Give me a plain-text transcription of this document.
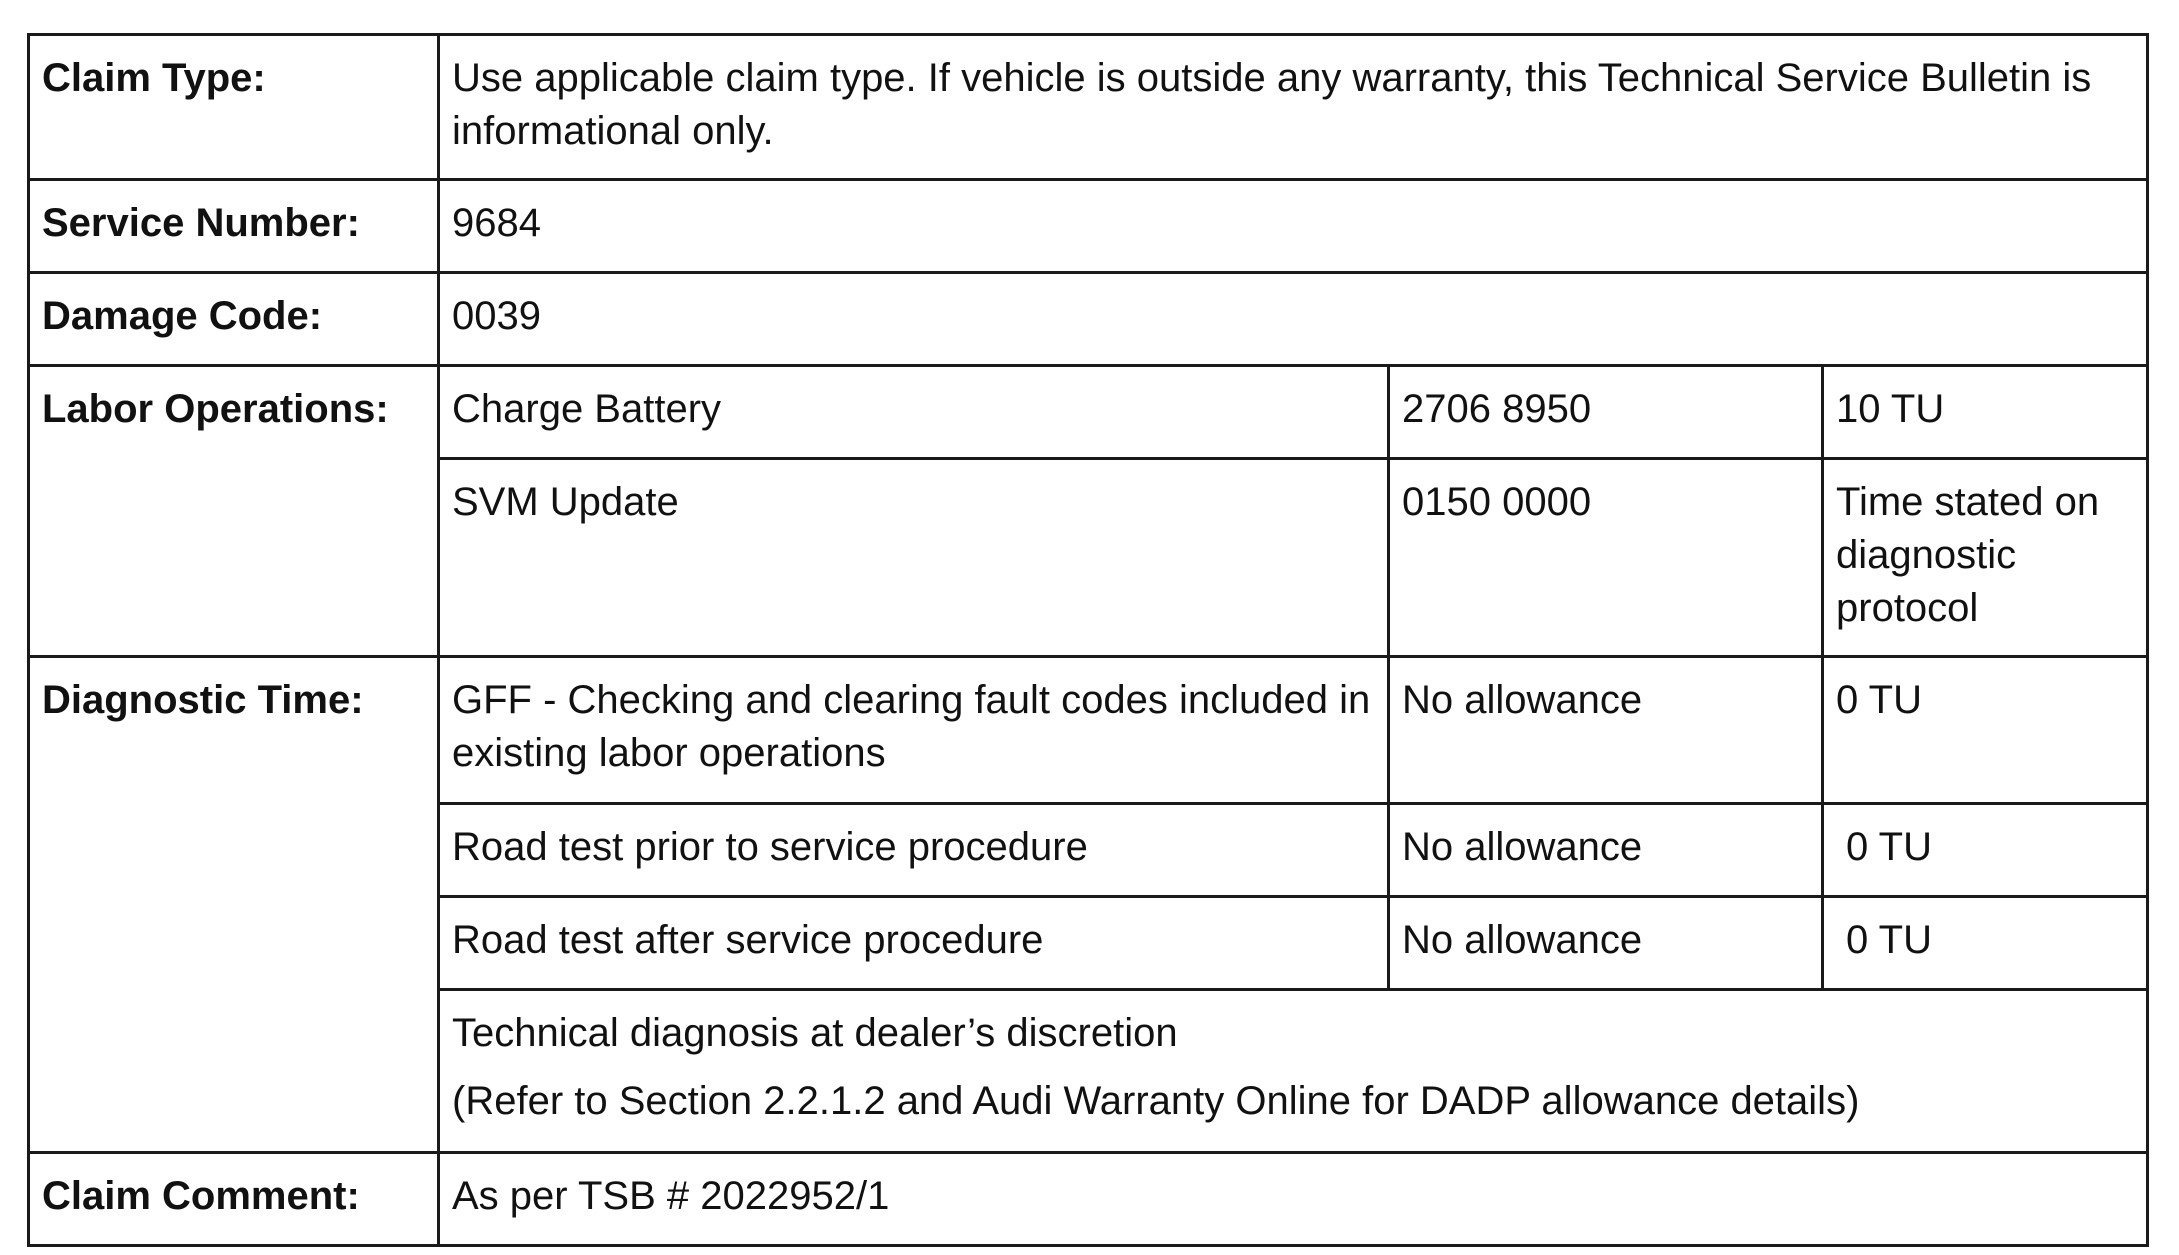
Claim Type:	Use applicable claim type. If vehicle is outside any warranty, this Technical Service Bulletin is informational only.		
Service Number:	9684		
Damage Code:	0039		
Labor Operations:	Charge Battery	2706 8950	10 TU
	SVM Update	0150 0000	Time stated on diagnostic protocol
Diagnostic Time:	GFF - Checking and clearing fault codes included in existing labor operations	No allowance	0 TU
	Road test prior to service procedure	No allowance	0 TU
	Road test after service procedure	No allowance	0 TU
	Technical diagnosis at dealer’s discretion
(Refer to Section 2.2.1.2 and Audi Warranty Online for DADP allowance details)		

Claim Comment:	As per TSB # 2022952/1		
